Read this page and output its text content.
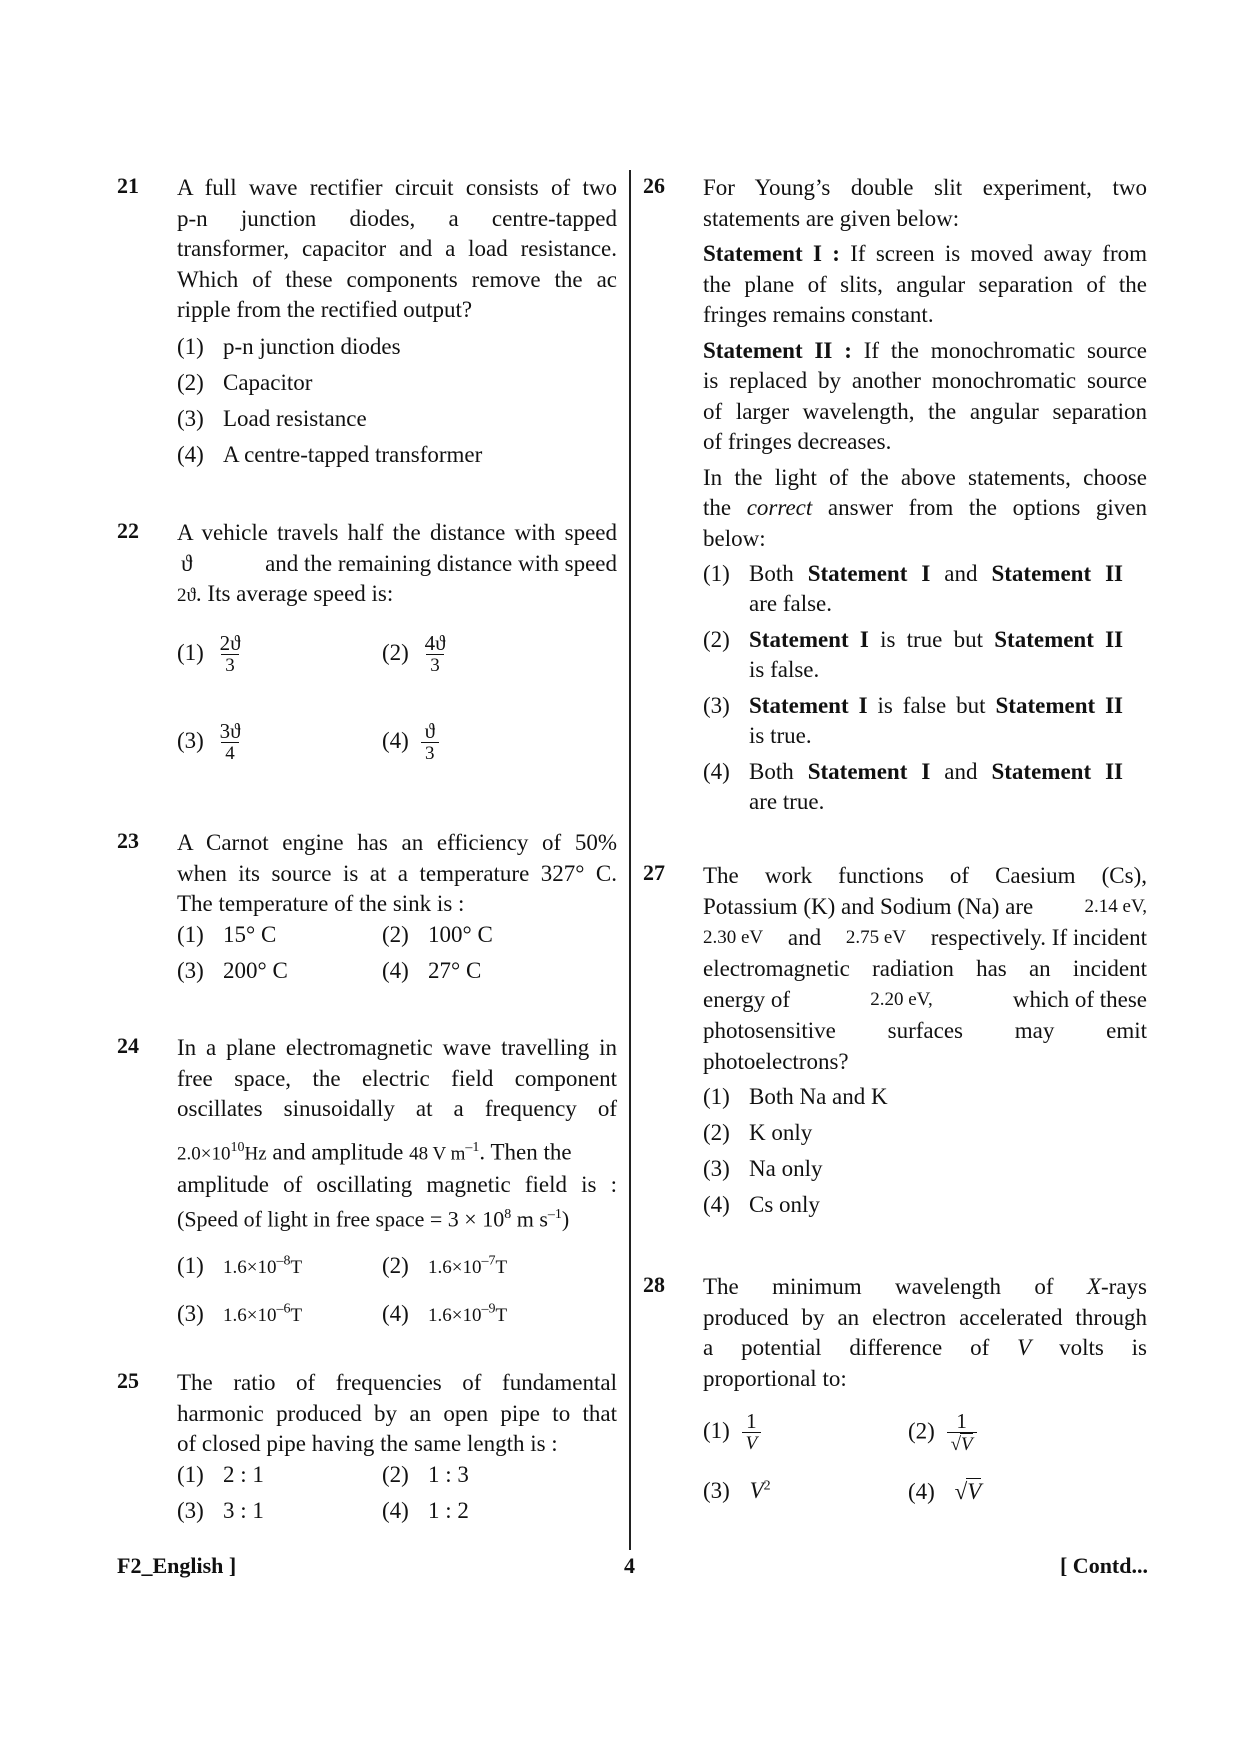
21 A full wave rectifier circuit consists of two
p-n junction diodes, a centre-tapped
transformer, capacitor and a load resistance.
Which of these components remove the ac
ripple from the rectified output?
(1) p-n junction diodes
(2) Capacitor
(3) Load resistance
(4) A centre-tapped transformer
22 A vehicle travels half the distance with speed
ϑ	and the remaining distance with speed
2ϑ. Its average speed is:
$(1) \frac{2ϑ}{3}$	$(2) \frac{4ϑ}{3}$
$(3) \frac{3ϑ}{4}$	$(4) \frac{ϑ}{3}$
23 A Carnot engine has an efficiency of 50%
when its source is at a temperature 327° C.
The temperature of the sink is :
(1) 15° C	(2) 100° C
(3) 200° C	(4) 27° C
24 In a plane electromagnetic wave travelling in
free space, the electric field component
oscillates sinusoidally at a frequency of
$2.0\times 10^{10}Hz$ and amplitude 48 V $m^{-1}$. Then the
amplitude of oscillating magnetic field is :
(Speed of light in free space = $3 \times 10^8$ m $s^{-1}$)
(1) $1.6\times 10^{-8}T$	(2) $1.6\times 10^{-7}T$
(3) $1.6\times 10^{-6}T$	(4) $1.6\times 10^{-9}T$
25 The ratio of frequencies of fundamental
harmonic produced by an open pipe to that
of closed pipe having the same length is :
(1) 2 : 1	(2) 1 : 3
(3) 3 : 1	(4) 1 : 2
26 For Young’s double slit experiment, two
statements are given below:
Statement I : If screen is moved away from
the plane of slits, angular separation of the
fringes remains constant.
Statement II : If the monochromatic source
is replaced by another monochromatic source
of larger wavelength, the angular separation
of fringes decreases.
In the light of the above statements, choose
the correct answer from the options given
below:
(1) Both Statement I and Statement II
are false.
(2) Statement I is true but Statement II
is false.
(3) Statement I is false but Statement II
is true.
(4) Both Statement I and Statement II
are true.
27 The work functions of Caesium (Cs),
Potassium (K) and Sodium (Na) are	2.14 eV,
2.30 eV and 2.75 eV respectively. If incident
electromagnetic radiation has an incident
energy of	2.20 eV,	which of these
photosensitive surfaces may emit
photoelectrons?
(1) Both Na and K
(2) K only
(3) Na only
(4) Cs only
28 The minimum wavelength of X-rays
produced by an electron accelerated through
a potential difference of V volts is
proportional to:
$(1) \frac{1}{V}$	$(2) \frac{1}{√V}$
(3) $V^2$	(4) √V
F2_English ]	4	[ Contd...
